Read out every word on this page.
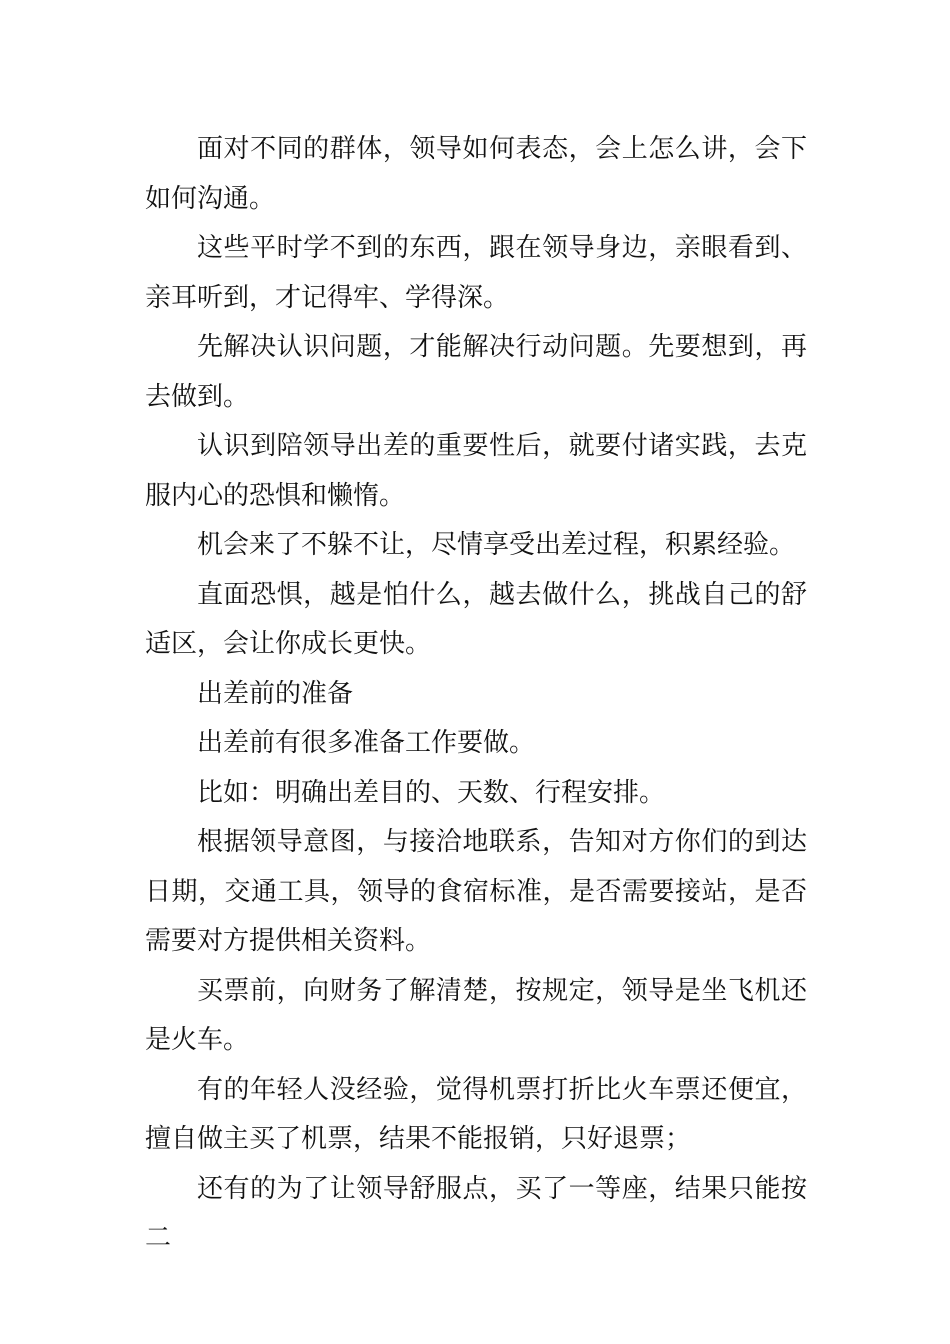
面对不同的群体，领导如何表态，会上怎么讲，会下如何沟通。

这些平时学不到的东西，跟在领导身边，亲眼看到、亲耳听到，才记得牢、学得深。

先解决认识问题，才能解决行动问题。先要想到，再去做到。

认识到陪领导出差的重要性后，就要付诸实践，去克服内心的恐惧和懒惰。

机会来了不躲不让，尽情享受出差过程，积累经验。

直面恐惧，越是怕什么，越去做什么，挑战自己的舒适区，会让你成长更快。

出差前的准备

出差前有很多准备工作要做。

比如：明确出差目的、天数、行程安排。

根据领导意图，与接洽地联系，告知对方你们的到达日期，交通工具，领导的食宿标准，是否需要接站，是否需要对方提供相关资料。

买票前，向财务了解清楚，按规定，领导是坐飞机还是火车。

有的年轻人没经验，觉得机票打折比火车票还便宜，擅自做主买了机票，结果不能报销，只好退票；

还有的为了让领导舒服点，买了一等座，结果只能按二
